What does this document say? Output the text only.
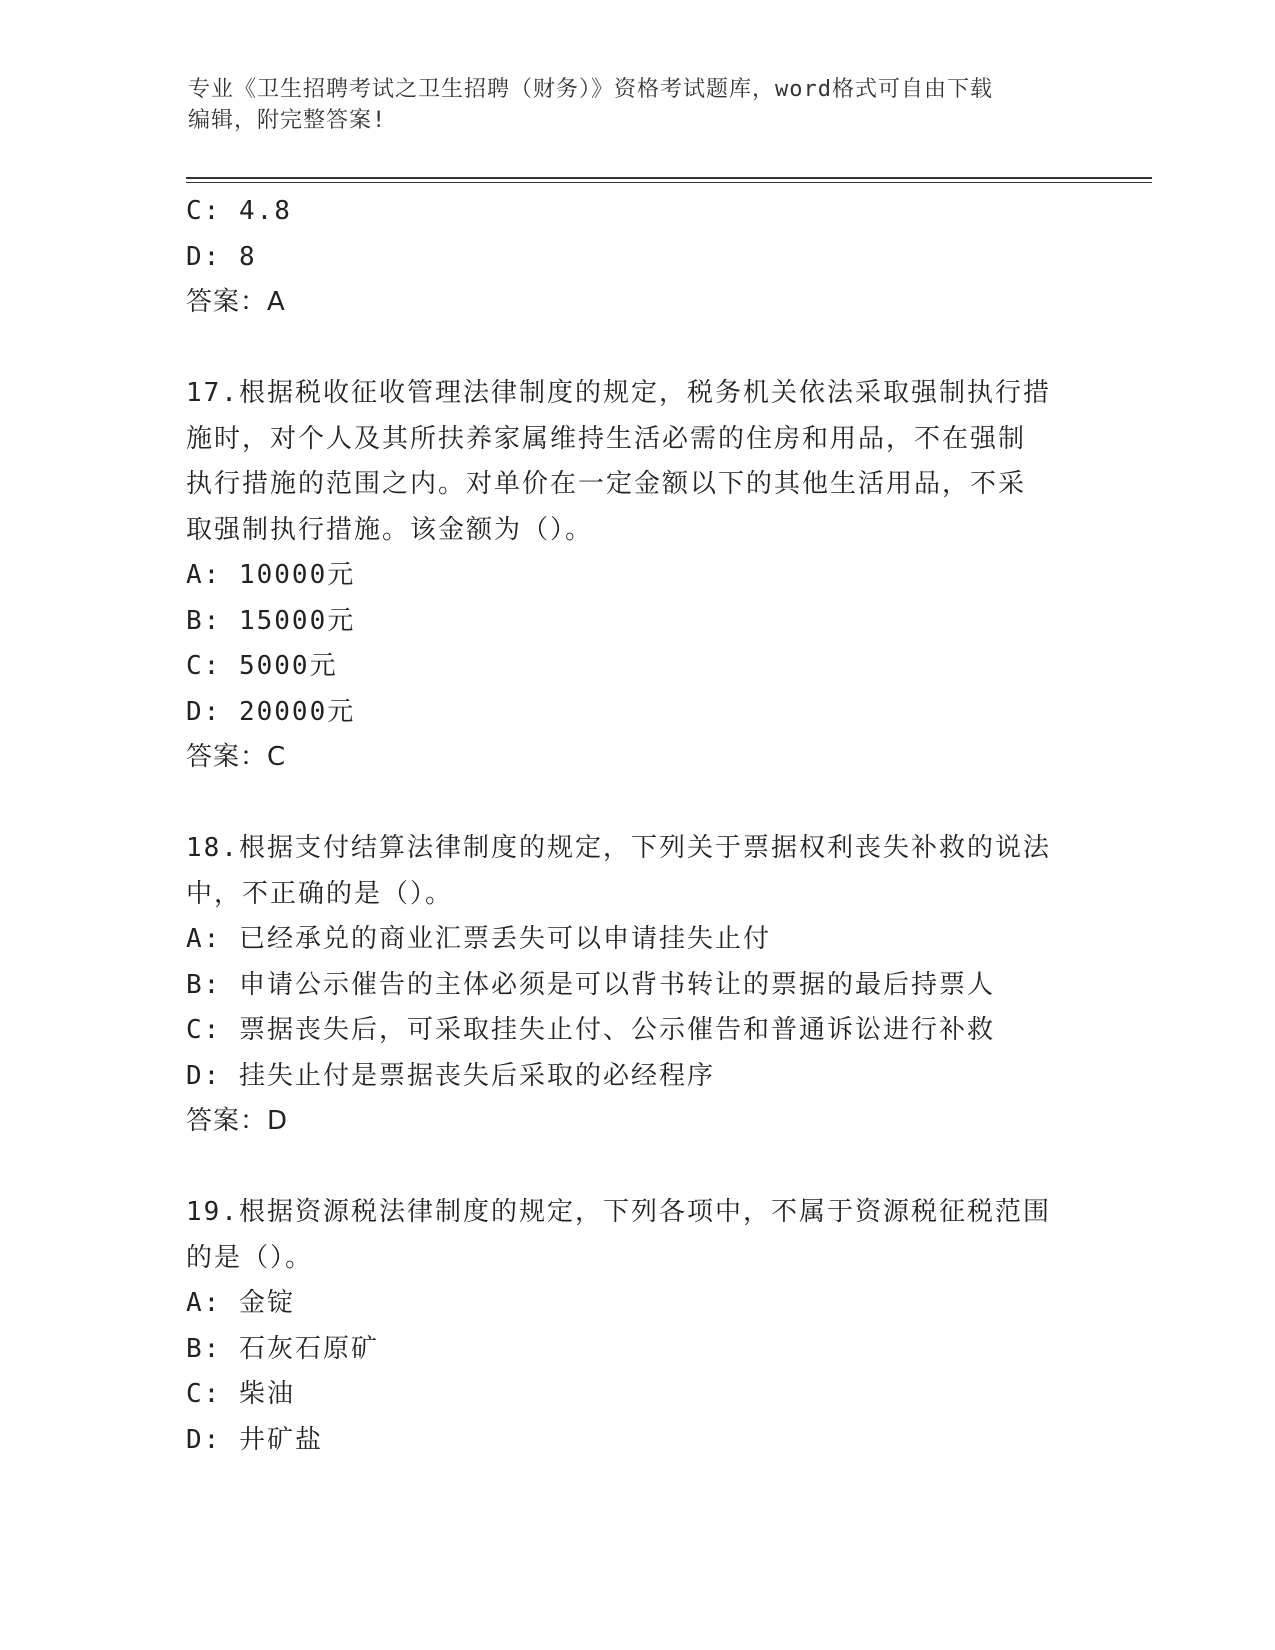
专业《卫生招聘考试之卫生招聘（财务）》资格考试题库，word格式可自由下载
编辑，附完整答案!
C: 4.8
D: 8
答案：A
17.根据税收征收管理法律制度的规定，税务机关依法采取强制执行措
施时，对个人及其所扶养家属维持生活必需的住房和用品，不在强制
执行措施的范围之内。对单价在一定金额以下的其他生活用品，不采
取强制执行措施。该金额为（）。
A: 10000元
B: 15000元
C: 5000元
D: 20000元
答案：C
18.根据支付结算法律制度的规定，下列关于票据权利丧失补救的说法
中，不正确的是（）。
A: 已经承兑的商业汇票丢失可以申请挂失止付
B: 申请公示催告的主体必须是可以背书转让的票据的最后持票人
C: 票据丧失后，可采取挂失止付、公示催告和普通诉讼进行补救
D: 挂失止付是票据丧失后采取的必经程序
答案：D
19.根据资源税法律制度的规定，下列各项中，不属于资源税征税范围
的是（）。
A: 金锭
B: 石灰石原矿
C: 柴油
D: 井矿盐
